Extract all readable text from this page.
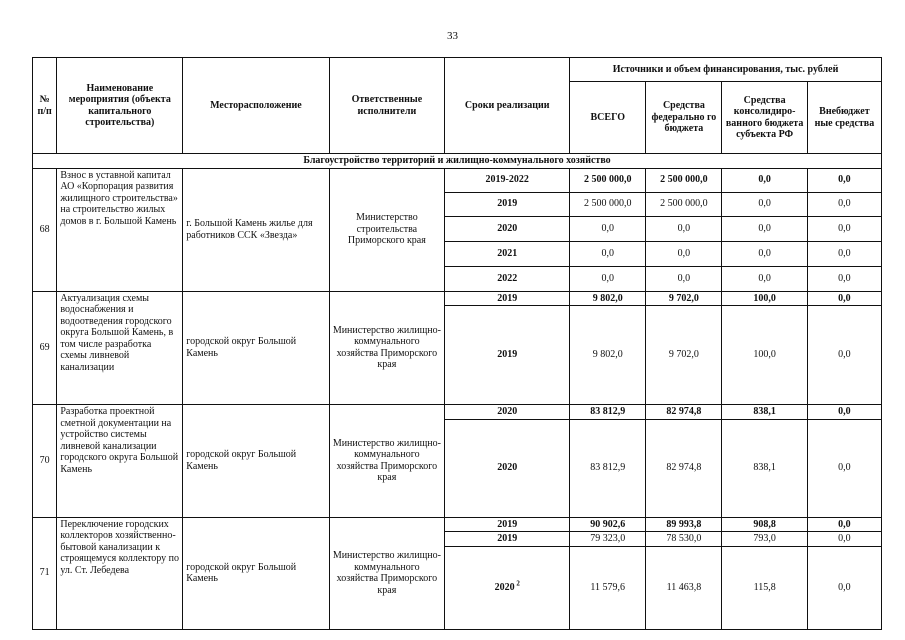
33
№ п/п	Наименование мероприятия (объекта капитального строительства)	Месторасположение	Ответственные исполнители	Сроки реализации	Источники и объем финансирования, тыс. рублей			
					ВСЕГО	Средства федерально го бюджета	Средства консолидиро-ванного бюджета субъекта РФ	Внебюджет ные средства
Благоустройство территорий и жилищно-коммунального хозяйство								
68	Взнос в уставной капитал АО «Корпорация развития жилищного строительства» на строительство жилых домов в г. Большой Камень	г. Большой Камень жилье для работников ССК «Звезда»	Министерство строительства Приморского края	2019-2022	2 500 000,0	2 500 000,0	0,0	0,0
				2019	2 500 000,0	2 500 000,0	0,0	0,0
				2020	0,0	0,0	0,0	0,0
				2021	0,0	0,0	0,0	0,0
				2022	0,0	0,0	0,0	0,0
69	Актуализация схемы водоснабжения и водоотведения городского округа Большой Камень, в том числе разработка схемы ливневой канализации	городской округ Большой Камень	Министерство жилищно-коммунального хозяйства Приморского края	2019	9 802,0	9 702,0	100,0	0,0
				2019	9 802,0	9 702,0	100,0	0,0
70	Разработка проектной сметной документации на устройство системы ливневой канализации городского округа Большой Камень	городской округ Большой Камень	Министерство жилищно-коммунального хозяйства Приморского края	2020	83 812,9	82 974,8	838,1	0,0
				2020	83 812,9	82 974,8	838,1	0,0
71	Переключение городских коллекторов хозяйственно-бытовой канализации к строящемуся коллектору по ул. Ст. Лебедева	городской округ Большой Камень	Министерство жилищно-коммунального хозяйства Приморского края	2019	90 902,6	89 993,8	908,8	0,0
				2019	79 323,0	78 530,0	793,0	0,0
				2020 $^2$	11 579,6	11 463,8	115,8	0,0
